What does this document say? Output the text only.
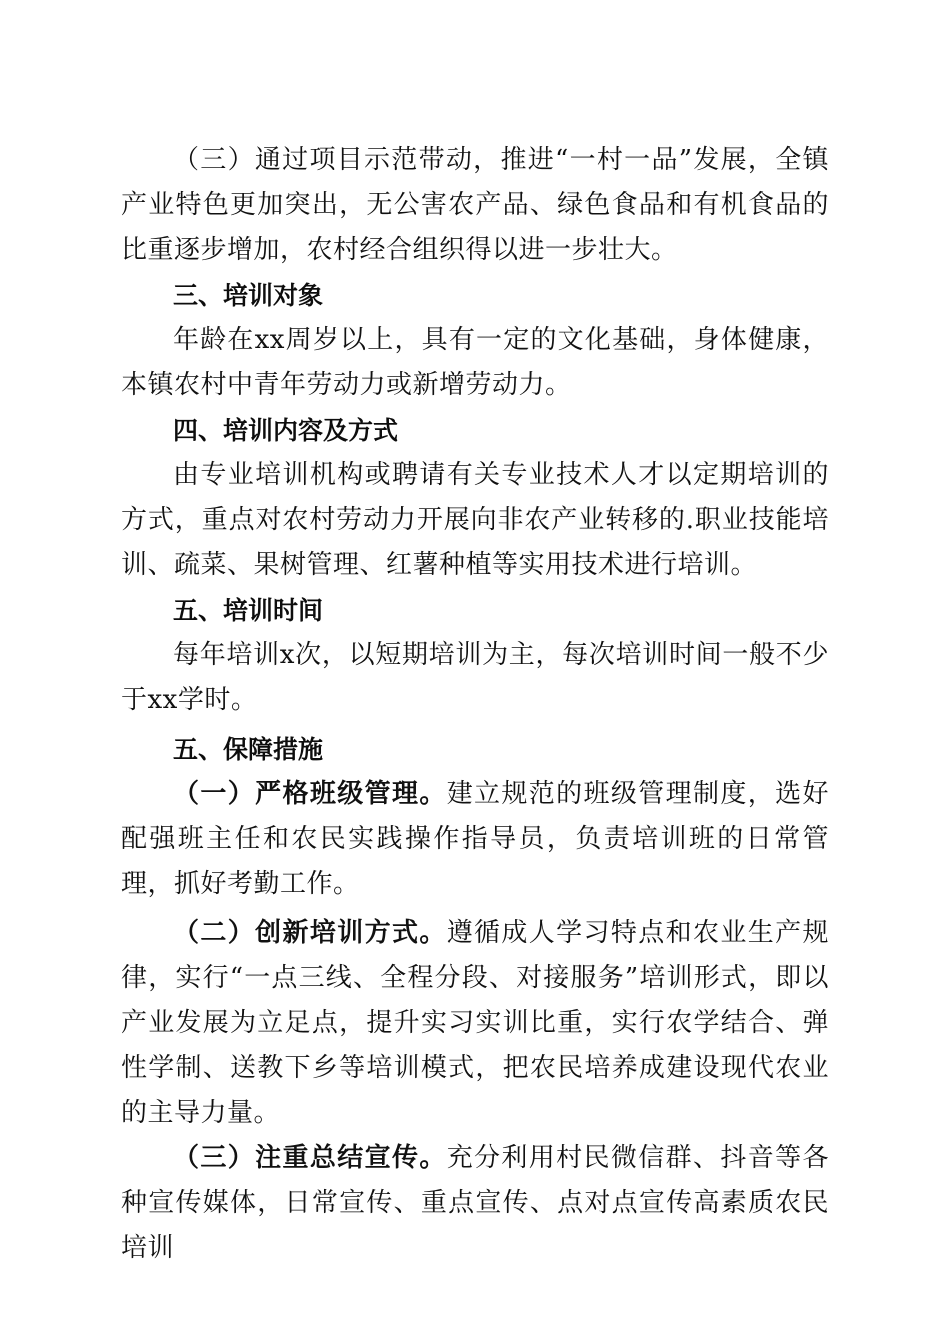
（三）通过项目示范带动，推进“一村一品”发展，全镇产业特色更加突出，无公害农产品、绿色食品和有机食品的比重逐步增加，农村经合组织得以进一步壮大。

三、培训对象

年龄在xx周岁以上，具有一定的文化基础，身体健康，本镇农村中青年劳动力或新增劳动力。

四、培训内容及方式

由专业培训机构或聘请有关专业技术人才以定期培训的方式，重点对农村劳动力开展向非农产业转移的.职业技能培训、疏菜、果树管理、红薯种植等实用技术进行培训。

五、培训时间

每年培训x次，以短期培训为主，每次培训时间一般不少于xx学时。

五、保障措施

（一）严格班级管理。建立规范的班级管理制度，选好配强班主任和农民实践操作指导员，负责培训班的日常管理，抓好考勤工作。

（二）创新培训方式。遵循成人学习特点和农业生产规律，实行“一点三线、全程分段、对接服务”培训形式，即以产业发展为立足点，提升实习实训比重，实行农学结合、弹性学制、送教下乡等培训模式，把农民培养成建设现代农业的主导力量。

（三）注重总结宣传。充分利用村民微信群、抖音等各种宣传媒体，日常宣传、重点宣传、点对点宣传高素质农民培训
